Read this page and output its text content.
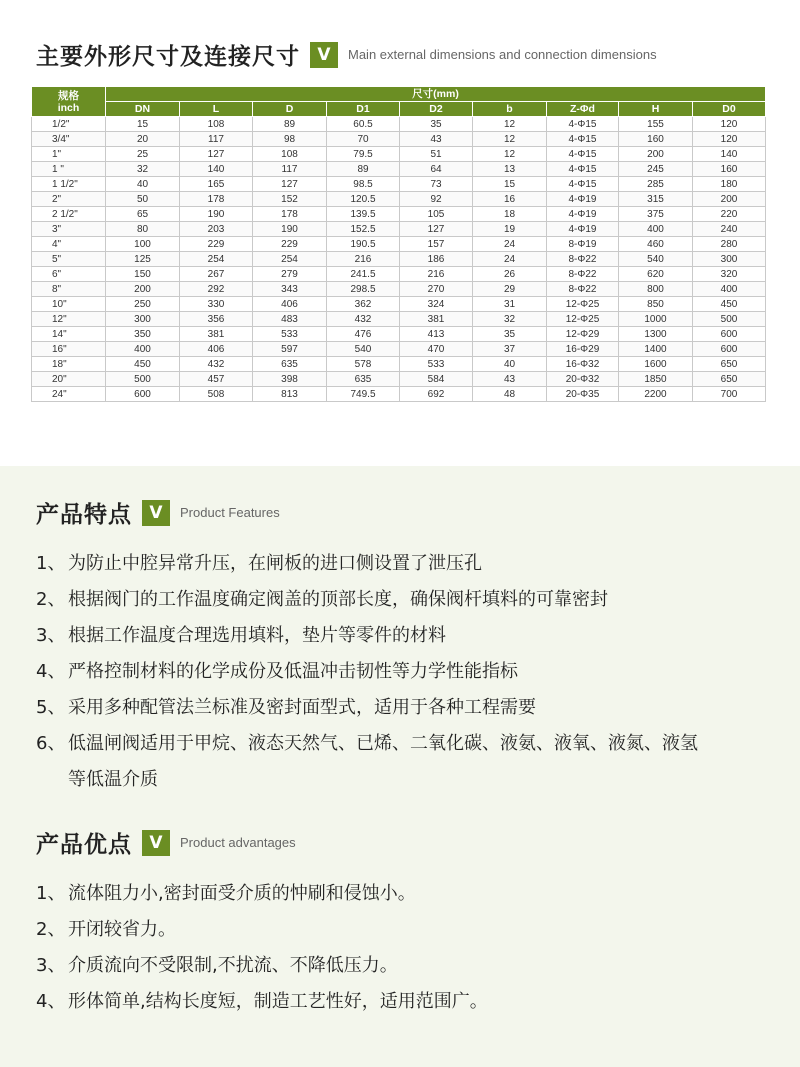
主要外形尺寸及连接尺寸	V	Main external dimensions and connection dimensions
规格
inch	尺寸(mm)								
	DN	L	D	D1	D2	b	Z-Φd	H	D0
1/2"	15	108	89	60.5	35	12	4-Φ15	155	120
3/4"	20	117	98	70	43	12	4-Φ15	160	120
1"	25	127	108	79.5	51	12	4-Φ15	200	140
1 "	32	140	117	89	64	13	4-Φ15	245	160
1 1/2"	40	165	127	98.5	73	15	4-Φ15	285	180
2"	50	178	152	120.5	92	16	4-Φ19	315	200
2 1/2"	65	190	178	139.5	105	18	4-Φ19	375	220
3"	80	203	190	152.5	127	19	4-Φ19	400	240
4"	100	229	229	190.5	157	24	8-Φ19	460	280
5"	125	254	254	216	186	24	8-Φ22	540	300
6"	150	267	279	241.5	216	26	8-Φ22	620	320
8"	200	292	343	298.5	270	29	8-Φ22	800	400
10"	250	330	406	362	324	31	12-Φ25	850	450
12"	300	356	483	432	381	32	12-Φ25	1000	500
14"	350	381	533	476	413	35	12-Φ29	1300	600
16"	400	406	597	540	470	37	16-Φ29	1400	600
18"	450	432	635	578	533	40	16-Φ32	1600	650
20"	500	457	398	635	584	43	20-Φ32	1850	650
24"	600	508	813	749.5	692	48	20-Φ35	2200	700
产品特点	V	Product Features
1、 为防止中腔异常升压，在闸板的进口侧设置了泄压孔
2、 根据阀门的工作温度确定阀盖的顶部长度，确保阀杆填料的可靠密封
3、 根据工作温度合理选用填料，垫片等零件的材料
4、 严格控制材料的化学成份及低温冲击韧性等力学性能指标
5、 采用多种配管法兰标准及密封面型式，适用于各种工程需要
6、 低温闸阀适用于甲烷、液态天然气、已烯、二氧化碳、液氨、液氧、液氮、液氢
等低温介质
产品优点	V	Product advantages
1、 流体阻力小,密封面受介质的忡刷和侵蚀小。
2、 开闭较省力。
3、 介质流向不受限制,不扰流、不降低压力。
4、 形体简单,结构长度短，制造工艺性好，适用范围广。
